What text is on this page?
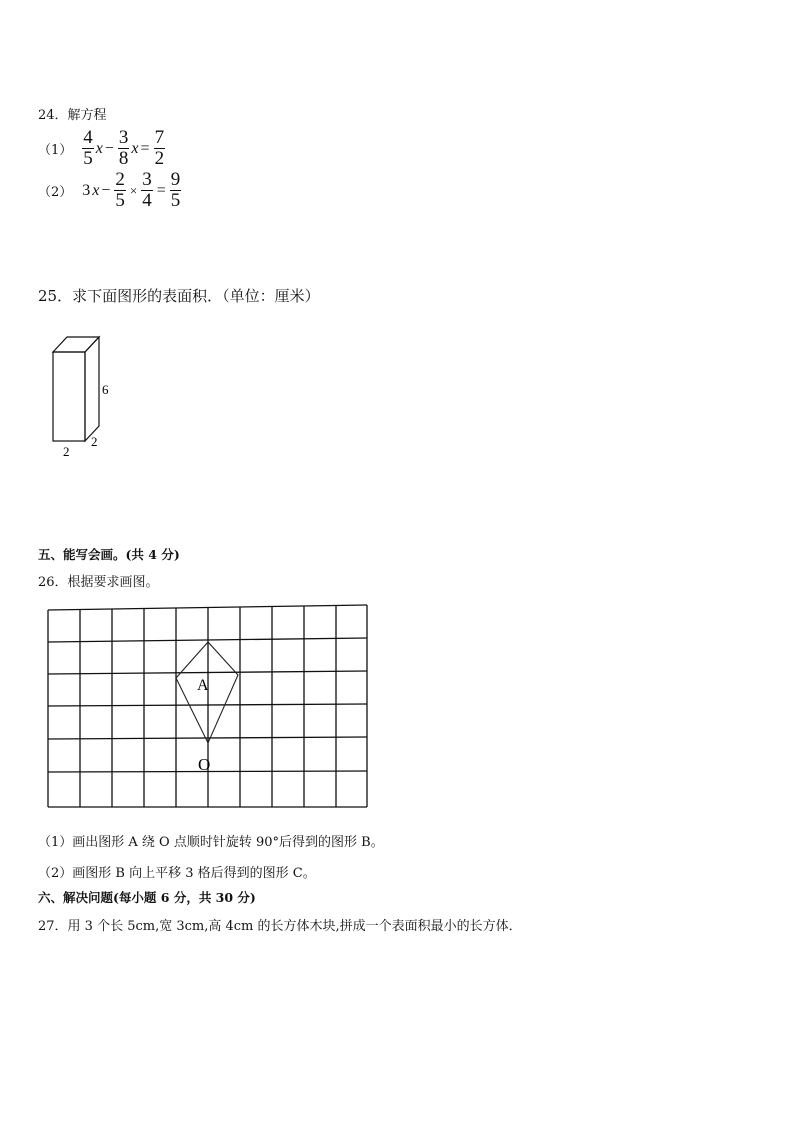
24．解方程
$(1) \frac{4}{5}$ $x - \frac{3}{8}$ $x = \frac{7}{2}$
（2） 3 $x - \frac{2}{5} \times \frac{3}{4} = \frac{9}{5}$
25．求下面图形的表面积．（单位：厘米）
6
2
2
五、能写会画。(共 4 分)
26．根据要求画图。
A
O
（1）画出图形 A 绕 O 点顺时针旋转 90°后得到的图形 B。
（2）画图形 B 向上平移 3 格后得到的图形 C。
六、解决问题(每小题 6 分，共 30 分)
27．用 3 个长 5cm,宽 3cm,高 4cm 的长方体木块,拼成一个表面积最小的长方体．
